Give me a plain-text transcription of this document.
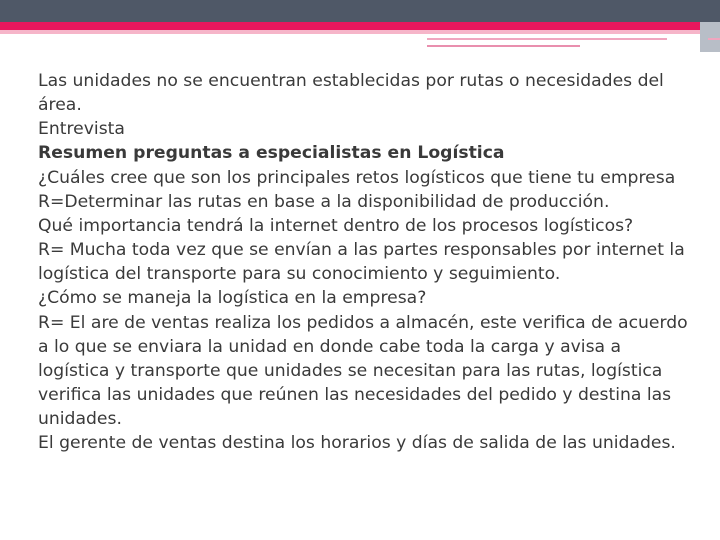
Las unidades no se encuentran establecidas por rutas o necesidades del área.

Entrevista

Resumen preguntas a especialistas en Logística

¿Cuáles cree que son los principales retos logísticos que tiene tu empresa

R=Determinar las rutas en base a la disponibilidad de producción.

Qué importancia tendrá la internet dentro de los procesos logísticos?

R= Mucha toda vez que se envían a las partes responsables por internet la logística del transporte para su conocimiento y seguimiento.

¿Cómo se maneja la logística en la empresa?

R= El are de ventas realiza los pedidos a almacén, este verifica de acuerdo a lo que se enviara la unidad en donde cabe toda la carga y avisa a logística y transporte que unidades se necesitan para las rutas, logística verifica las unidades que reúnen las necesidades del pedido y destina las unidades.

El gerente de ventas destina los horarios y días de salida de las unidades.
